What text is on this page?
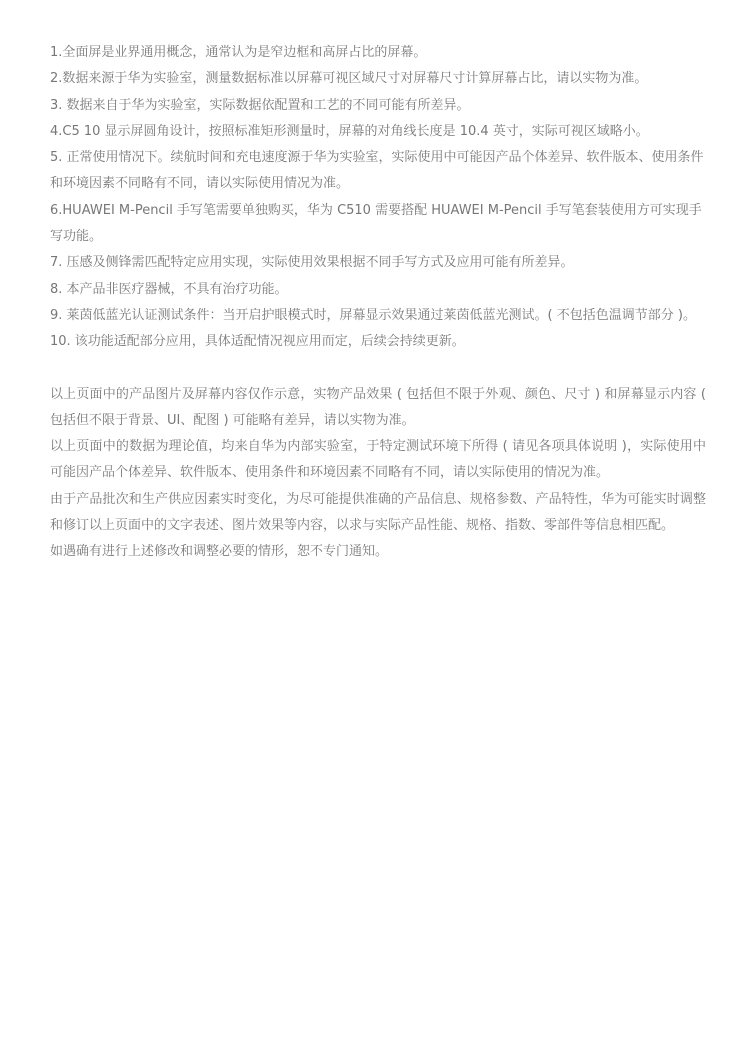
1.全面屏是业界通用概念，通常认为是窄边框和高屏占比的屏幕。

2.数据来源于华为实验室，测量数据标准以屏幕可视区域尺寸对屏幕尺寸计算屏幕占比，请以实物为准。

3. 数据来自于华为实验室，实际数据依配置和工艺的不同可能有所差异。

4.C5 10 显示屏圆角设计，按照标准矩形测量时，屏幕的对角线长度是 10.4 英寸，实际可视区域略小。

5. 正常使用情况下。续航时间和充电速度源于华为实验室，实际使用中可能因产品个体差异、软件版本、使用条件和环境因素不同略有不同，请以实际使用情况为准。

6.HUAWEI M-Pencil 手写笔需要单独购买，华为 C510 需要搭配 HUAWEI M-Pencil 手写笔套装使用方可实现手写功能。

7. 压感及侧锋需匹配特定应用实现，实际使用效果根据不同手写方式及应用可能有所差异。

8. 本产品非医疗器械，不具有治疗功能。

9. 莱茵低蓝光认证测试条件：当开启护眼模式时，屏幕显示效果通过莱茵低蓝光测试。( 不包括色温调节部分 )。

10. 该功能适配部分应用，具体适配情况视应用而定，后续会持续更新。

以上页面中的产品图片及屏幕内容仅作示意，实物产品效果 ( 包括但不限于外观、颜色、尺寸 ) 和屏幕显示内容 ( 包括但不限于背景、UI、配图 ) 可能略有差异，请以实物为准。

以上页面中的数据为理论值，均来自华为内部实验室，于特定测试环境下所得 ( 请见各项具体说明 )，实际使用中可能因产品个体差异、软件版本、使用条件和环境因素不同略有不同，请以实际使用的情况为准。

由于产品批次和生产供应因素实时变化，为尽可能提供准确的产品信息、规格参数、产品特性，华为可能实时调整和修订以上页面中的文字表述、图片效果等内容，以求与实际产品性能、规格、指数、零部件等信息相匹配。

如遇确有进行上述修改和调整必要的情形，恕不专门通知。
